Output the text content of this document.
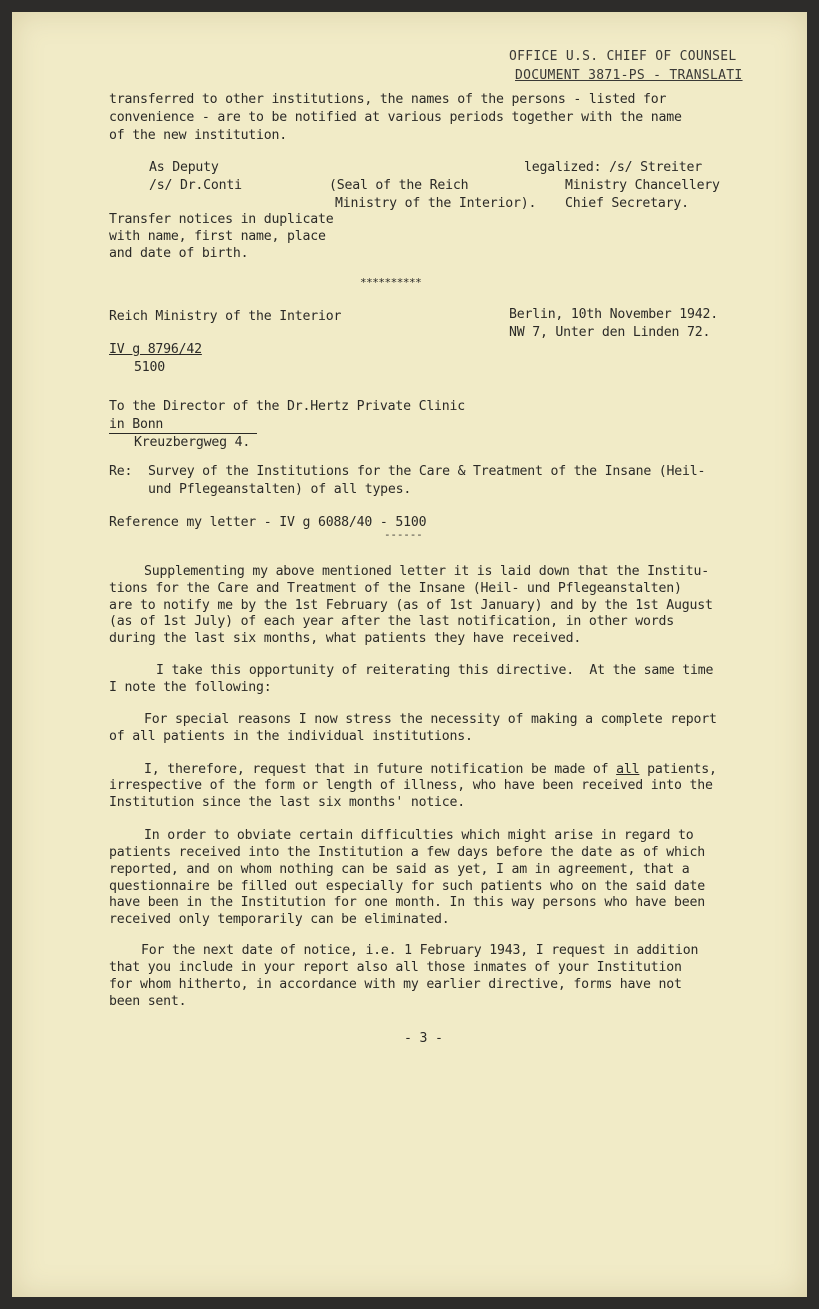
OFFICE U.S. CHIEF OF COUNSEL

DOCUMENT 3871-PS - TRANSLATI

transferred to other institutions, the names of the persons - listed for

convenience - are to be notified at various periods together with the name

of the new institution.

As Deputy

/s/ Dr.Conti	(Seal of the Reich

Ministry of the Interior).

legalized: /s/ Streiter

Ministry Chancellery

Chief Secretary.

Transfer notices in duplicate

with name, first name, place

and date of birth.

**********

Reich Ministry of the Interior	Berlin, 10th November 1942.

NW 7, Unter den Linden 72.

IV g 8796/42

5100

To the Director of the Dr.Hertz Private Clinic

in Bonn

Kreuzbergweg 4.

Re: Survey of the Institutions for the Care & Treatment of the Insane (Heil-

und Pflegeanstalten) of all types.

Reference my letter - IV g 6088/40 - 5100

------

Supplementing my above mentioned letter it is laid down that the Institu-

tions for the Care and Treatment of the Insane (Heil- und Pflegeanstalten)

are to notify me by the 1st February (as of 1st January) and by the 1st August

(as of 1st July) of each year after the last notification, in other words

during the last six months, what patients they have received.

I take this opportunity of reiterating this directive.  At the same time

I note the following:

For special reasons I now stress the necessity of making a complete report

of all patients in the individual institutions.

I, therefore, request that in future notification be made of all patients,

irrespective of the form or length of illness, who have been received into the

Institution since the last six months' notice.

In order to obviate certain difficulties which might arise in regard to

patients received into the Institution a few days before the date as of which

reported, and on whom nothing can be said as yet, I am in agreement, that a

questionnaire be filled out especially for such patients who on the said date

have been in the Institution for one month. In this way persons who have been

received only temporarily can be eliminated.

For the next date of notice, i.e. 1 February 1943, I request in addition

that you include in your report also all those inmates of your Institution

for whom hitherto, in accordance with my earlier directive, forms have not

been sent.

- 3 -
